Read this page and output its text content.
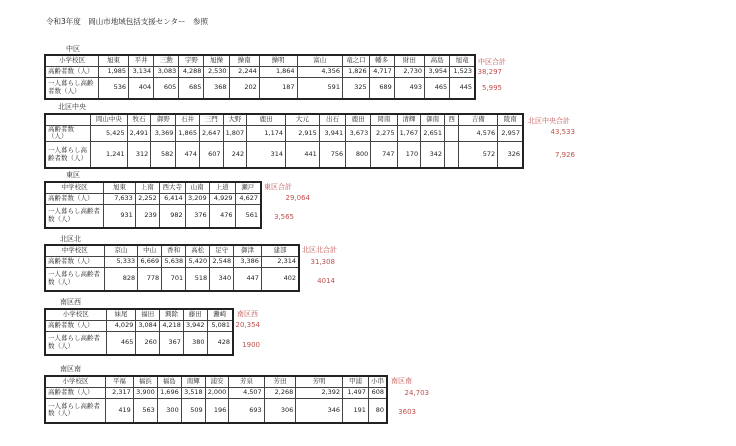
令和3年度　岡山市地域包括支援センター　参照
中区
小学校区	旭東	平井	三勲	宇野	旭操	操南	操明	富山	竜之口	幡多	財田	高島	旭竜
高齢者数（人）	1,985	3,134	3,083	4,288	2,530	2,244	1,864	4,356	1,826	4,717	2,730	3,954	1,523
一人暮らし高齢者数（人）	536	404	605	685	368	202	187	591	325	689	493	465	445
中区合計
38,297
5,995
北区中央
	岡山中央	牧石	御野	石井	三門	大野	鹿田	大元	出石	鹿田	岡南	清輝	御南	西	吉備	陵南
高齢者数（人）	5,425	2,491	3,369	1,865	2,647	1,807	1,174	2,915	3,941	3,673	2,275	1,767	2,651		4,576	2,957
一人暮らし高齢者数（人）	1,241	312	582	474	607	242	314	441	756	800	747	170	342		572	326
北区中央合計
43,533
7,926
東区
中学校区	旭東	上南	西大寺	山南	上道	瀬戸
高齢者数（人）	7,633	2,252	6,414	3,209	4,929	4,627
一人暮らし高齢者数（人）	931	239	982	376	476	561
東区合計
29,064
3,565
北区北
中学校区	京山	中山	香和	高松	足守	御津	建部
高齢者数（人）	5,333	6,669	5,638	5,420	2,548	3,386	2,314
一人暮らし高齢者数（人）	828	778	701	518	340	447	402
北区北合計
31,308
4014
南区西
小学校区	妹尾	福田	興除	藤田	灘崎
高齢者数（人）	4,029	3,084	4,218	3,942	5,081
一人暮らし高齢者数（人）	465	260	367	380	428
南区西
20,354
1900
南区南
小学校区	平福	福浜	福島	南輝	浦安	芳泉	芳田	芳明	甲浦	小串
高齢者数（人）	2,317	3,900	1,696	3,518	2,000	4,507	2,268	2,392	1,497	608
一人暮らし高齢者数（人）	419	563	300	509	196	693	306	346	191	80
南区南
24,703
3603
